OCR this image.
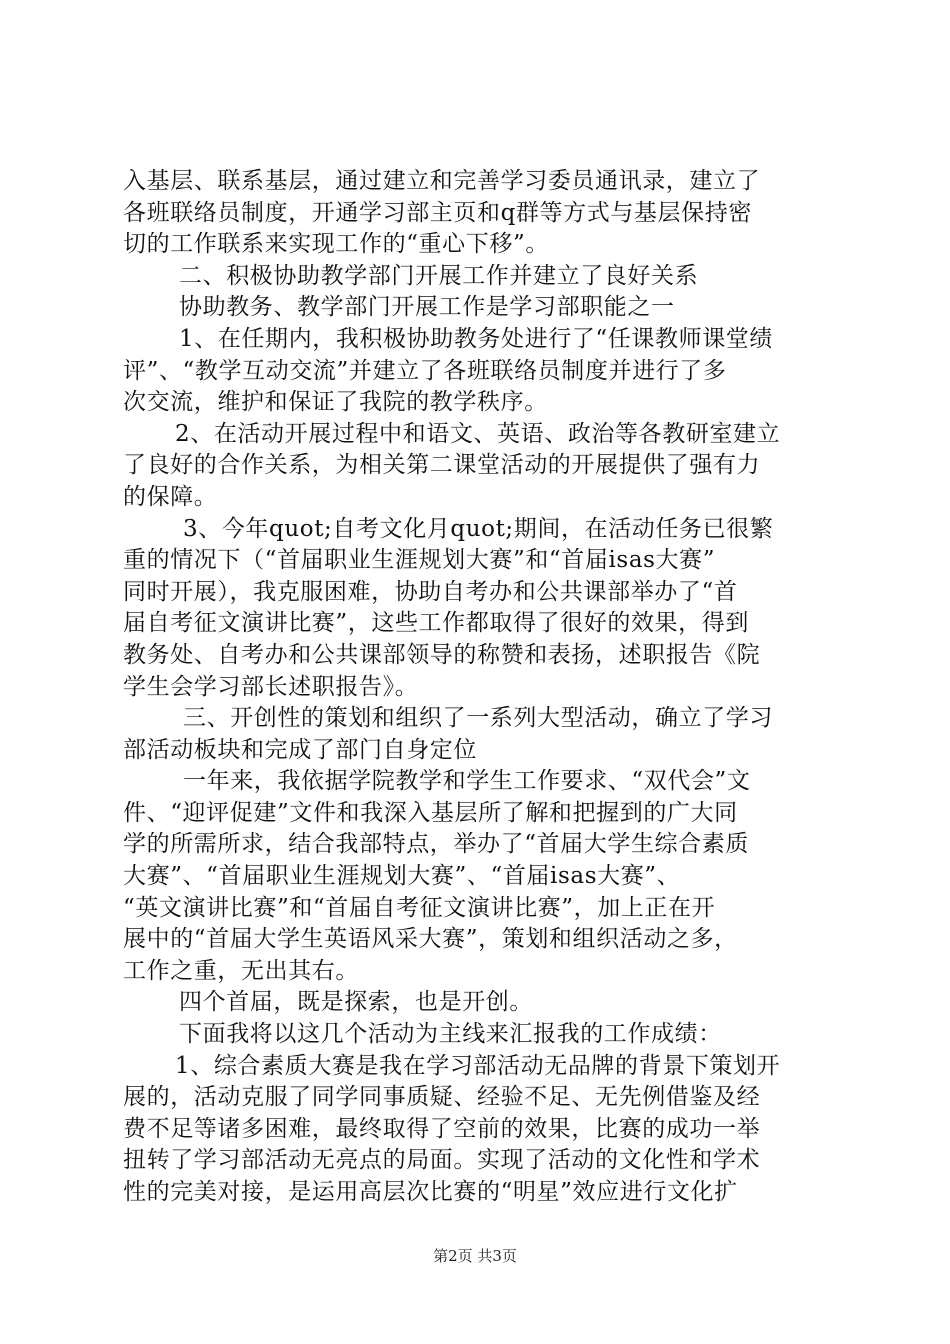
入基层、联系基层，通过建立和完善学习委员通讯录，建立了
各班联络员制度，开通学习部主页和q群等方式与基层保持密
切的工作联系来实现工作的“重心下移”。
二、积极协助教学部门开展工作并建立了良好关系
协助教务、教学部门开展工作是学习部职能之一
1、在任期内，我积极协助教务处进行了“任课教师课堂绩
评”、“教学互动交流”并建立了各班联络员制度并进行了多
次交流，维护和保证了我院的教学秩序。
2、在活动开展过程中和语文、英语、政治等各教研室建立
了良好的合作关系，为相关第二课堂活动的开展提供了强有力
的保障。
3、今年quot;自考文化月quot;期间，在活动任务已很繁
重的情况下（“首届职业生涯规划大赛”和“首届isas大赛”
同时开展），我克服困难，协助自考办和公共课部举办了“首
届自考征文演讲比赛”，这些工作都取得了很好的效果，得到
教务处、自考办和公共课部领导的称赞和表扬，述职报告《院
学生会学习部长述职报告》。
三、开创性的策划和组织了一系列大型活动，确立了学习
部活动板块和完成了部门自身定位
一年来，我依据学院教学和学生工作要求、“双代会”文
件、“迎评促建”文件和我深入基层所了解和把握到的广大同
学的所需所求，结合我部特点，举办了“首届大学生综合素质
大赛”、“首届职业生涯规划大赛”、“首届isas大赛”、
“英文演讲比赛”和“首届自考征文演讲比赛”，加上正在开
展中的“首届大学生英语风采大赛”，策划和组织活动之多，
工作之重，无出其右。
四个首届，既是探索，也是开创。
下面我将以这几个活动为主线来汇报我的工作成绩：
1、综合素质大赛是我在学习部活动无品牌的背景下策划开
展的，活动克服了同学同事质疑、经验不足、无先例借鉴及经
费不足等诸多困难，最终取得了空前的效果，比赛的成功一举
扭转了学习部活动无亮点的局面。实现了活动的文化性和学术
性的完美对接，是运用高层次比赛的“明星”效应进行文化扩
第2页 共3页
